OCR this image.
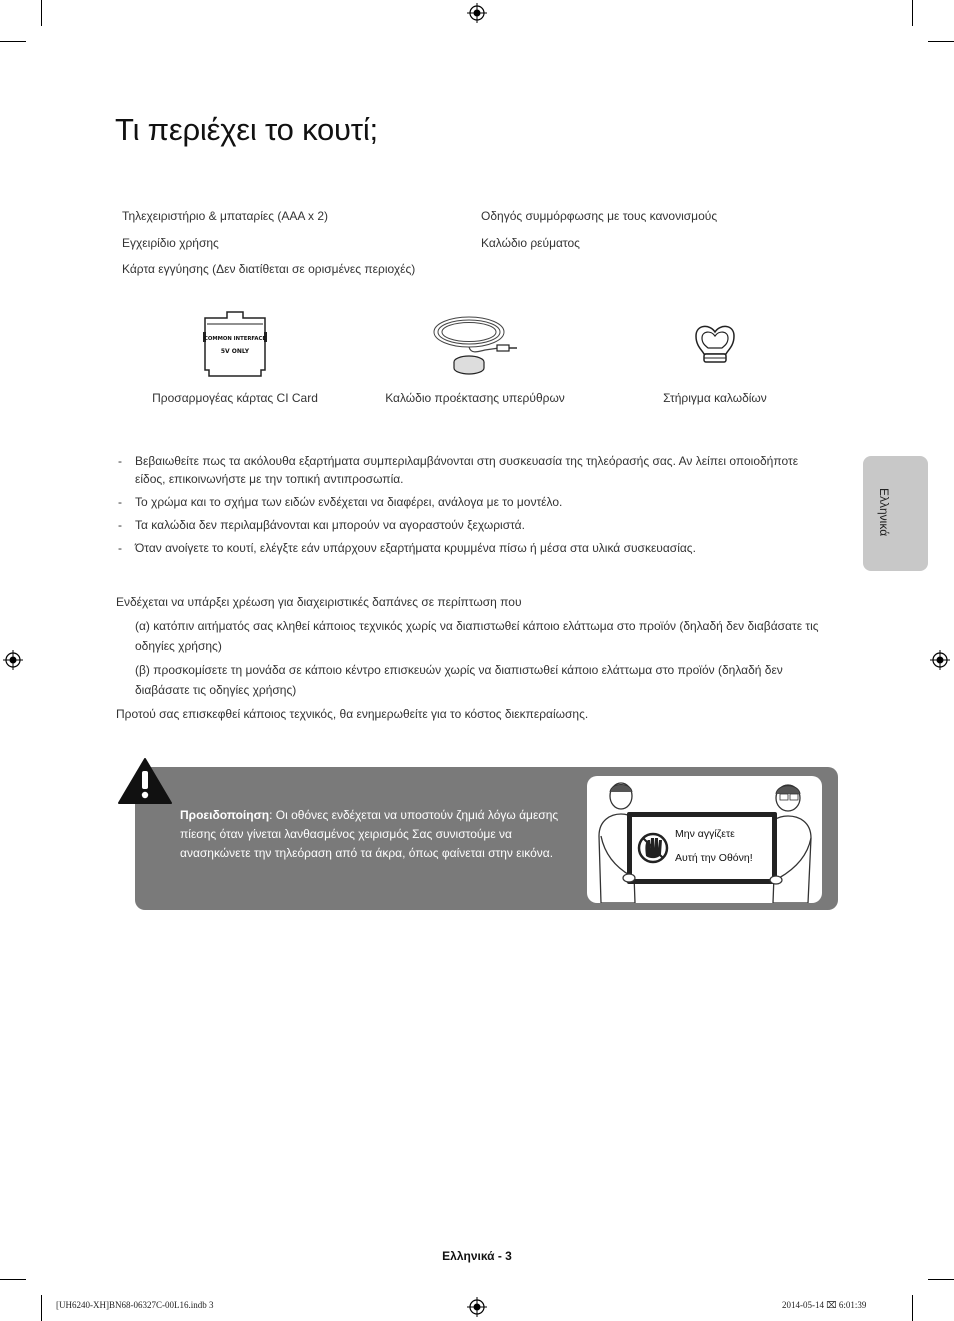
Τι περιέχει το κουτί;
Τηλεχειριστήριο & μπαταρίες (AAA x 2)
Εγχειρίδιο χρήσης
Κάρτα εγγύησης (Δεν διατίθεται σε ορισμένες περιοχές)
Οδηγός συμμόρφωσης με τους κανονισμούς
Καλώδιο ρεύματος
COMMON INTERFACE
5V ONLY
Προσαρμογέας κάρτας CI Card	Καλώδιο προέκτασης υπερύθρων	Στήριγμα καλωδίων
- Βεβαιωθείτε πως τα ακόλουθα εξαρτήματα συμπεριλαμβάνονται στη συσκευασία της τηλεόρασής σας. Αν λείπει οποιοδήποτε είδος, επικοινωνήστε με την τοπική αντιπροσωπία.
- Το χρώμα και το σχήμα των ειδών ενδέχεται να διαφέρει, ανάλογα με το μοντέλο.
- Τα καλώδια δεν περιλαμβάνονται και μπορούν να αγοραστούν ξεχωριστά.
- Όταν ανοίγετε το κουτί, ελέγξτε εάν υπάρχουν εξαρτήματα κρυμμένα πίσω ή μέσα στα υλικά συσκευασίας.
Ενδέχεται να υπάρξει χρέωση για διαχειριστικές δαπάνες σε περίπτωση που
(α) κατόπιν αιτήματός σας κληθεί κάποιος τεχνικός χωρίς να διαπιστωθεί κάποιο ελάττωμα στο προϊόν (δηλαδή δεν διαβάσατε τις οδηγίες χρήσης)
(β) προσκομίσετε τη μονάδα σε κάποιο κέντρο επισκευών χωρίς να διαπιστωθεί κάποιο ελάττωμα στο προϊόν (δηλαδή δεν διαβάσατε τις οδηγίες χρήσης)
Προτού σας επισκεφθεί κάποιος τεχνικός, θα ενημερωθείτε για το κόστος διεκπεραίωσης.
Προειδοποίηση: Οι οθόνες ενδέχεται να υποστούν ζημιά λόγω άμεσης πίεσης όταν γίνεται λανθασμένος χειρισμός Σας συνιστούμε να ανασηκώνετε την τηλεόραση από τα άκρα, όπως φαίνεται στην εικόνα.
Μην αγγίζετε
Αυτή την Οθόνη!
Ελληνικά
Ελληνικά - 3
[UH6240-XH]BN68-06327C-00L16.indb 3	2014-05-14 ⌧ 6:01:39
